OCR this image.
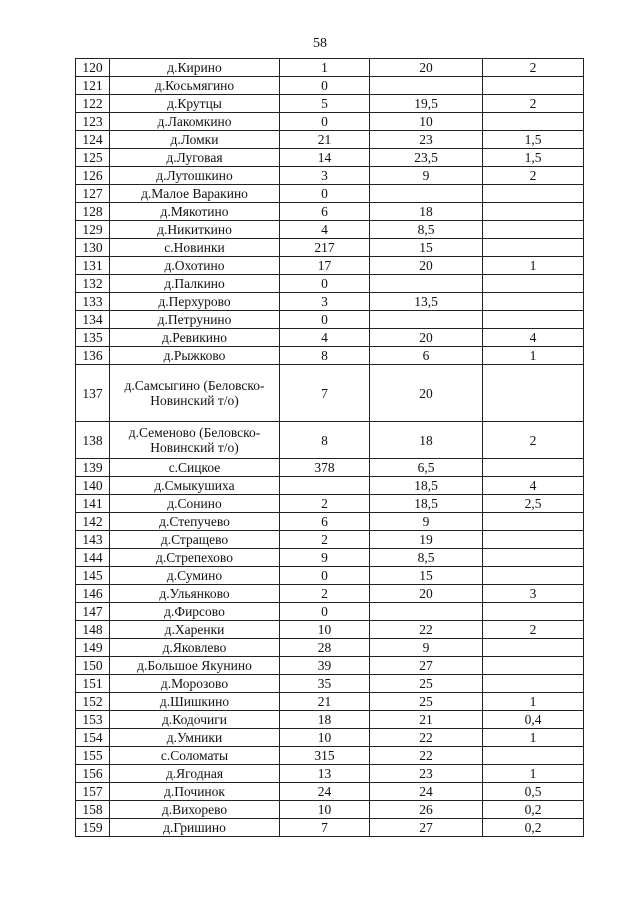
58
120	д.Кирино	1	20	2
121	д.Косьмягино	0		
122	д.Крутцы	5	19,5	2
123	д.Лакомкино	0	10	
124	д.Ломки	21	23	1,5
125	д.Луговая	14	23,5	1,5
126	д.Лутошкино	3	9	2
127	д.Малое Варакино	0		
128	д.Мякотино	6	18	
129	д.Никиткино	4	8,5	
130	с.Новинки	217	15	
131	д.Охотино	17	20	1
132	д.Палкино	0		
133	д.Перхурово	3	13,5	
134	д.Петрунино	0		
135	д.Ревикино	4	20	4
136	д.Рыжково	8	6	1
137	д.Самсыгино (Беловско-Новинский т/о)	7	20	
138	д.Семеново (Беловско-Новинский т/о)	8	18	2
139	с.Сицкое	378	6,5	
140	д.Смыкушиха		18,5	4
141	д.Сонино	2	18,5	2,5
142	д.Степучево	6	9	
143	д.Стращево	2	19	
144	д.Стрепехово	9	8,5	
145	д.Сумино	0	15	
146	д.Ульянково	2	20	3
147	д.Фирсово	0		
148	д.Харенки	10	22	2
149	д.Яковлево	28	9	
150	д.Большое Якунино	39	27	
151	д.Морозово	35	25	
152	д.Шишкино	21	25	1
153	д.Кодочиги	18	21	0,4
154	д.Умники	10	22	1
155	с.Соломаты	315	22	
156	д.Ягодная	13	23	1
157	д.Починок	24	24	0,5
158	д.Вихорево	10	26	0,2
159	д.Гришино	7	27	0,2
